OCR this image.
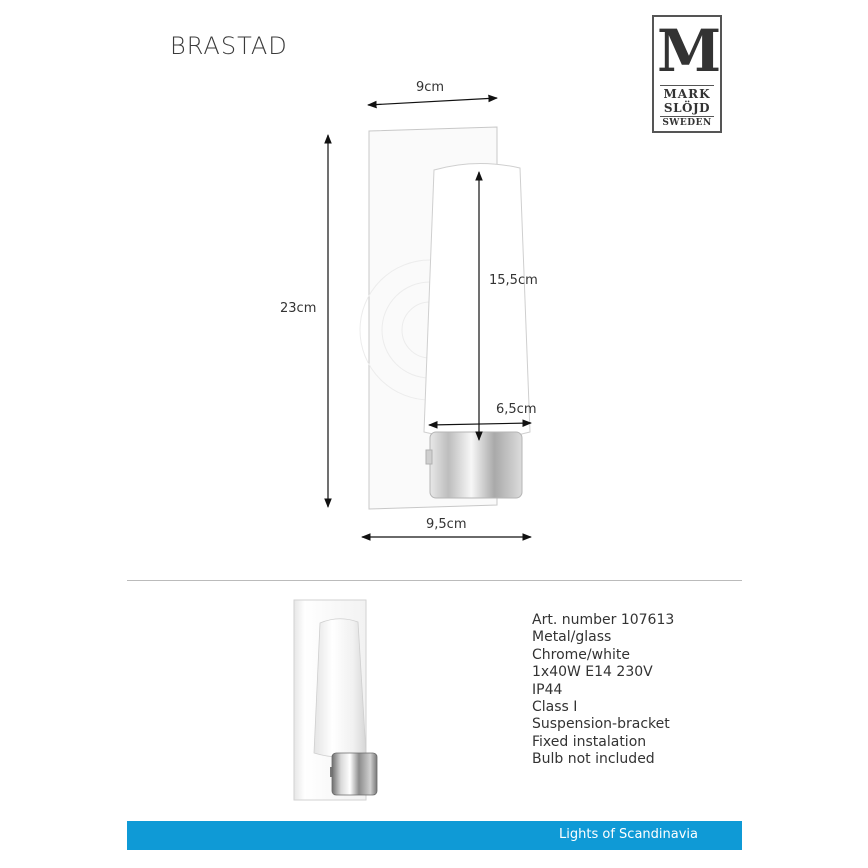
BRASTAD	M
MARK
SLÖJD
SWEDEN
9cm
23cm
15,5cm
6,5cm
9,5cm
Art. number 107613
Metal/glass
Chrome/white
1x40W E14 230V
IP44
Class I
Suspension-bracket
Fixed instalation
Bulb not included
Lights of Scandinavia
